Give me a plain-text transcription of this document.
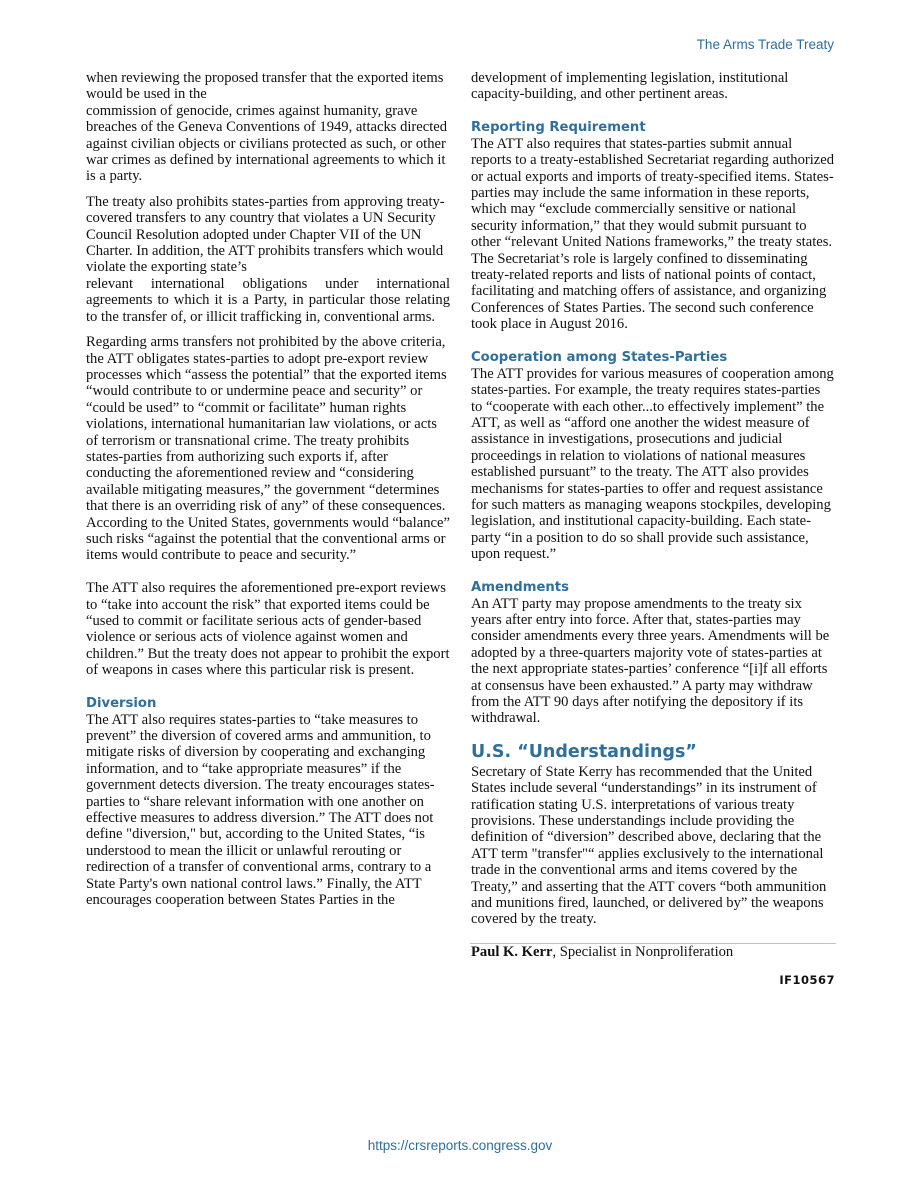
The Arms Trade Treaty

when reviewing the proposed transfer that the exported items would be used in the

commission of genocide, crimes against humanity, grave breaches of the Geneva Conventions of 1949, attacks directed against civilian objects or civilians protected as such, or other war crimes as defined by international agreements to which it is a party.

The treaty also prohibits states-parties from approving treaty-covered transfers to any country that violates a UN Security Council Resolution adopted under Chapter VII of the UN Charter. In addition, the ATT prohibits transfers which would violate the exporting state’s

relevant international obligations under international agreements to which it is a Party, in particular those relating to the transfer of, or illicit trafficking in, conventional arms.

Regarding arms transfers not prohibited by the above criteria, the ATT obligates states-parties to adopt pre-export review processes which “assess the potential” that the exported items “would contribute to or undermine peace and security” or “could be used” to “commit or facilitate” human rights violations, international humanitarian law violations, or acts of terrorism or transnational crime. The treaty prohibits states-parties from authorizing such exports if, after conducting the aforementioned review and “considering available mitigating measures,” the government “determines that there is an overriding risk of any” of these consequences. According to the United States, governments would “balance” such risks “against the potential that the conventional arms or items would contribute to peace and security.”

The ATT also requires the aforementioned pre-export reviews to “take into account the risk” that exported items could be “used to commit or facilitate serious acts of gender-based violence or serious acts of violence against women and children.” But the treaty does not appear to prohibit the export of weapons in cases where this particular risk is present.

Diversion

The ATT also requires states-parties to “take measures to prevent” the diversion of covered arms and ammunition, to mitigate risks of diversion by cooperating and exchanging information, and to “take appropriate measures” if the government detects diversion. The treaty encourages states-parties to “share relevant information with one another on effective measures to address diversion.” The ATT does not define "diversion," but, according to the United States, “is understood to mean the illicit or unlawful rerouting or redirection of a transfer of conventional arms, contrary to a State Party's own national control laws.” Finally, the ATT encourages cooperation between States Parties in the

development of implementing legislation, institutional capacity-building, and other pertinent areas.

Reporting Requirement

The ATT also requires that states-parties submit annual reports to a treaty-established Secretariat regarding authorized or actual exports and imports of treaty-specified items. States-parties may include the same information in these reports, which may “exclude commercially sensitive or national security information,” that they would submit pursuant to other “relevant United Nations frameworks,” the treaty states. The Secretariat’s role is largely confined to disseminating treaty-related reports and lists of national points of contact, facilitating and matching offers of assistance, and organizing Conferences of States Parties. The second such conference took place in August 2016.

Cooperation among States-Parties

The ATT provides for various measures of cooperation among states-parties. For example, the treaty requires states-parties to “cooperate with each other...to effectively implement” the ATT, as well as “afford one another the widest measure of assistance in investigations, prosecutions and judicial proceedings in relation to violations of national measures established pursuant” to the treaty. The ATT also provides mechanisms for states-parties to offer and request assistance for such matters as managing weapons stockpiles, developing legislation, and institutional capacity-building. Each state-party “in a position to do so shall provide such assistance, upon request.”

Amendments

An ATT party may propose amendments to the treaty six years after entry into force. After that, states-parties may consider amendments every three years. Amendments will be adopted by a three-quarters majority vote of states-parties at the next appropriate states-parties’ conference “[i]f all efforts at consensus have been exhausted.” A party may withdraw from the ATT 90 days after notifying the depository if its withdrawal.

U.S. “Understandings”

Secretary of State Kerry has recommended that the United States include several “understandings” in its instrument of ratification stating U.S. interpretations of various treaty provisions. These understandings include providing the definition of “diversion” described above, declaring that the ATT term "transfer"“ applies exclusively to the international trade in the conventional arms and items covered by the Treaty,” and asserting that the ATT covers “both ammunition and munitions fired, launched, or delivered by” the weapons covered by the treaty.

Paul K. Kerr, Specialist in Nonproliferation

IF10567
https://crsreports.congress.gov
